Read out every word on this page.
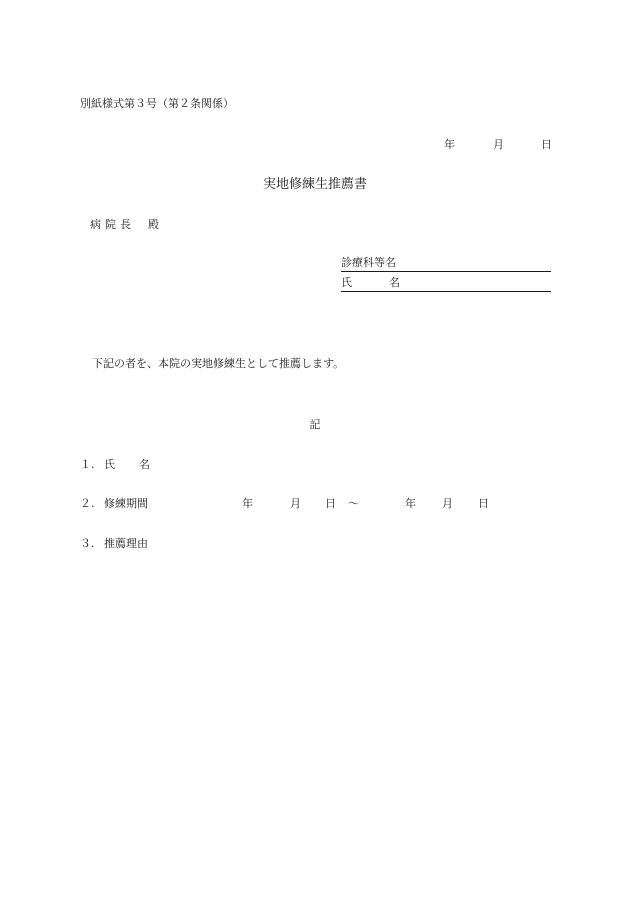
別紙様式第３号（第２条関係）
年	月	日
実地修練生推薦書
病院長 殿
診療科等名
氏	名
下記の者を、本院の実地修練生として推薦します。
記
１. 氏 名
２. 修練期間	年	月 日 ～	年 月 日
３. 推薦理由
